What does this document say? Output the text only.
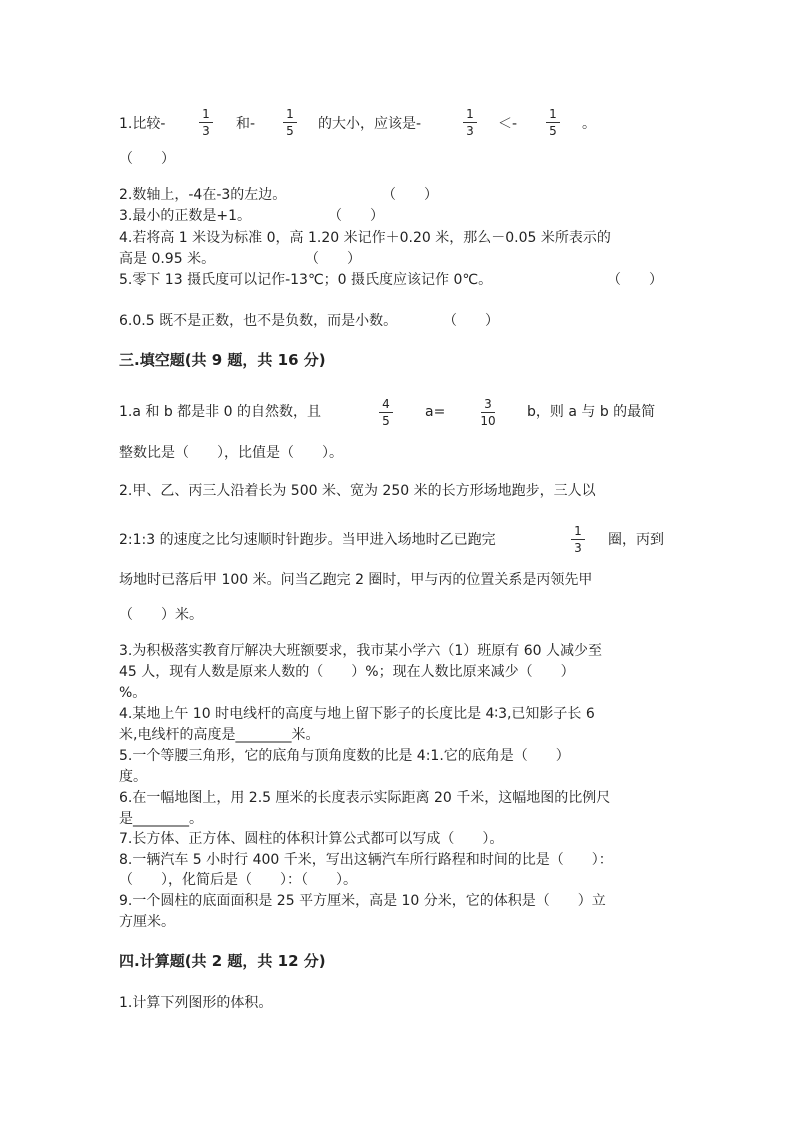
1.比较-
1
3 和-
1
5 的大小，应该是-
1
3 ＜-
1
5 。
（　　）
2.数轴上，-4在-3的左边。	（　　）
3.最小的正数是+1。	（　　）
4.若将高 1 米设为标准 0，高 1.20 米记作＋0.20 米，那么－0.05 米所表示的
高是 0.95 米。	（　　）
5.零下 13 摄氏度可以记作-13℃；0 摄氏度应该记作 0℃。	（　　）
6.0.5 既不是正数，也不是负数，而是小数。	（　　）
三.填空题(共 9 题，共 16 分)
1.a 和 b 都是非 0 的自然数，且	4
5
a=	3
10
b，则 a 与 b 的最简
整数比是（　　），比值是（　　）。
2.甲、乙、丙三人沿着长为 500 米、宽为 250 米的长方形场地跑步，三人以
2:1:3 的速度之比匀速顺时针跑步。当甲进入场地时乙已跑完
1
3 圈，丙到
场地时已落后甲 100 米。问当乙跑完 2 圈时，甲与丙的位置关系是丙领先甲
（　　）米。
3.为积极落实教育厅解决大班额要求，我市某小学六（1）班原有 60 人减少至
45 人，现有人数是原来人数的（　　）%；现在人数比原来减少（　　）
%。
4.某地上午 10 时电线杆的高度与地上留下影子的长度比是 4∶3,已知影子长 6
米,电线杆的高度是________米。
5.一个等腰三角形，它的底角与顶角度数的比是 4:1.它的底角是（　　）
度。
6.在一幅地图上，用 2.5 厘米的长度表示实际距离 20 千米，这幅地图的比例尺
是________。
7.长方体、正方体、圆柱的体积计算公式都可以写成（　　）。
8.一辆汽车 5 小时行 400 千米，写出这辆汽车所行路程和时间的比是（　　）：
（　　），化简后是（　　）：（　　）。
9.一个圆柱的底面面积是 25 平方厘米，高是 10 分米，它的体积是（　　）立
方厘米。
四.计算题(共 2 题，共 12 分)
1.计算下列图形的体积。
